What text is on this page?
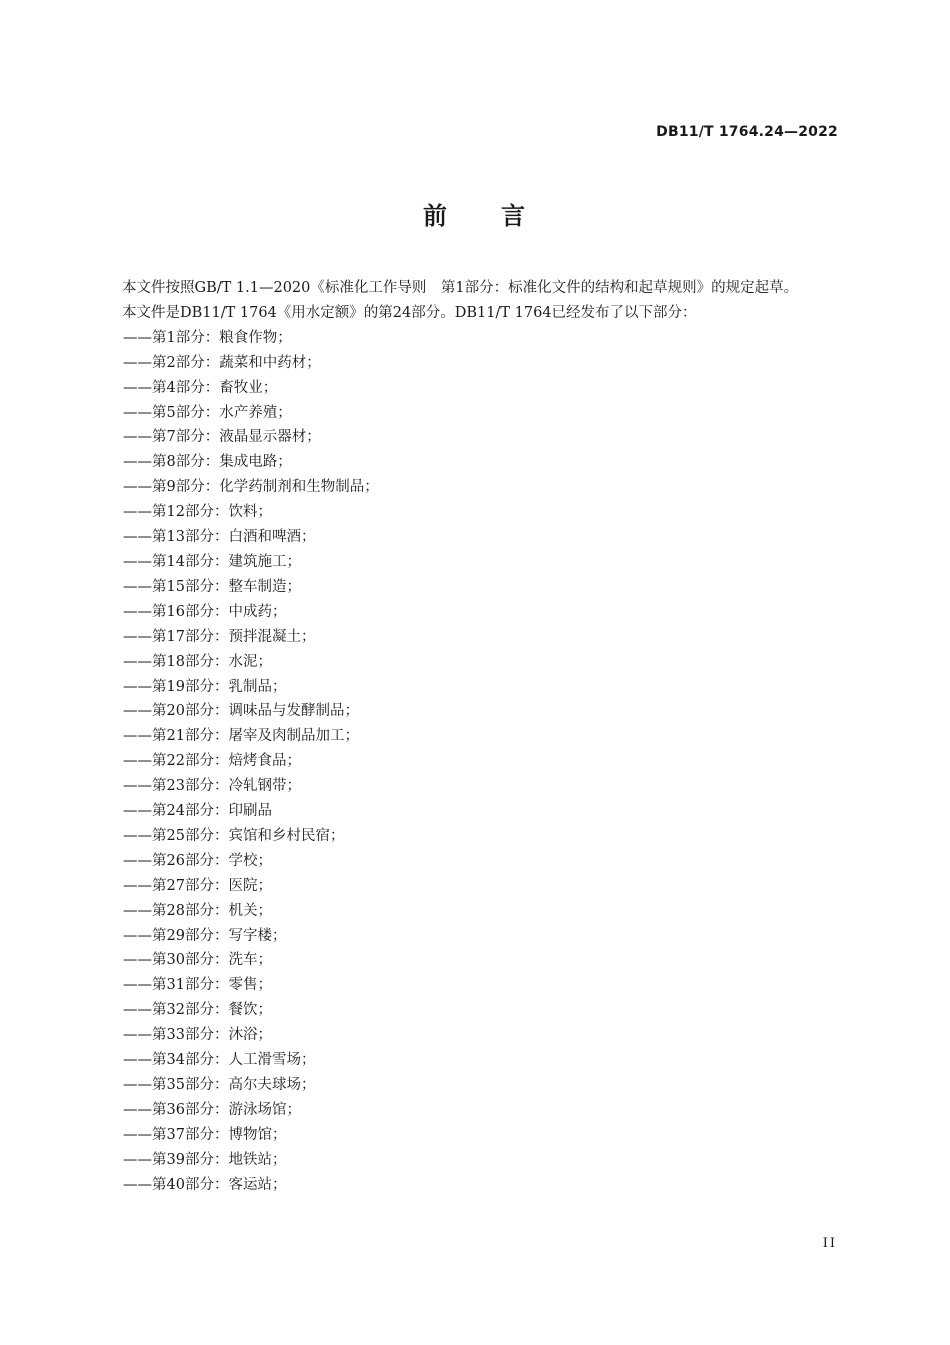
DB11/T 1764.24—2022
前 言

本文件按照GB/T 1.1—2020《标准化工作导则　第1部分：标准化文件的结构和起草规则》的规定起草。

本文件是DB11/T 1764《用水定额》的第24部分。DB11/T 1764已经发布了以下部分：

——第1部分：粮食作物；

——第2部分：蔬菜和中药材；

——第4部分：畜牧业；

——第5部分：水产养殖；

——第7部分：液晶显示器材；

——第8部分：集成电路；

——第9部分：化学药制剂和生物制品；

——第12部分：饮料；

——第13部分：白酒和啤酒；

——第14部分：建筑施工；

——第15部分：整车制造；

——第16部分：中成药；

——第17部分：预拌混凝土；

——第18部分：水泥；

——第19部分：乳制品；

——第20部分：调味品与发酵制品；

——第21部分：屠宰及肉制品加工；

——第22部分：焙烤食品；

——第23部分：冷轧钢带；

——第24部分：印刷品

——第25部分：宾馆和乡村民宿；

——第26部分：学校；

——第27部分：医院；

——第28部分：机关；

——第29部分：写字楼；

——第30部分：洗车；

——第31部分：零售；

——第32部分：餐饮；

——第33部分：沐浴；

——第34部分：人工滑雪场；

——第35部分：高尔夫球场；

——第36部分：游泳场馆；

——第37部分：博物馆；

——第39部分：地铁站；

——第40部分：客运站；

II
